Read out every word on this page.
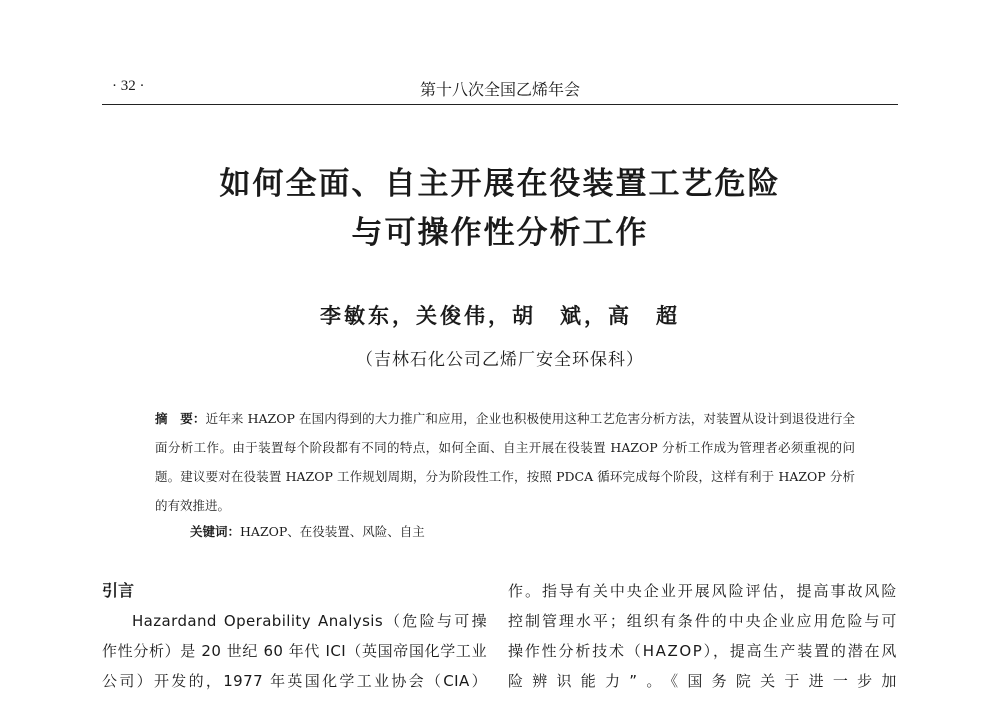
· 32 ·	第十八次全国乙烯年会
如何全面、自主开展在役装置工艺危险
与可操作性分析工作
李敏东，关俊伟，胡　斌，高　超
（吉林石化公司乙烯厂安全环保科）
摘　要：近年来 HAZOP 在国内得到的大力推广和应用，企业也积极使用这种工艺危害分析方法，对装置从设计到退役进行全面分析工作。由于装置每个阶段都有不同的特点，如何全面、自主开展在役装置 HAZOP 分析工作成为管理者必须重视的问题。建议要对在役装置 HAZOP 工作规划周期，分为阶段性工作，按照 PDCA 循环完成每个阶段，这样有利于 HAZOP 分析的有效推进。
关键词：HAZOP、在役装置、风险、自主
引言
Hazardand Operability Analysis（危险与可操作性分析）是 20 世纪 60 年代 ICI（英国帝国化学工业公司）开发的，1977 年英国化学工业协会（CIA）
作。指导有关中央企业开展风险评估，提高事故风险控制管理水平；组织有条件的中央企业应用危险与可操作性分析技术（HAZOP），提高生产装置的潜在风险辨识能力”。《国务院关于进一步加
